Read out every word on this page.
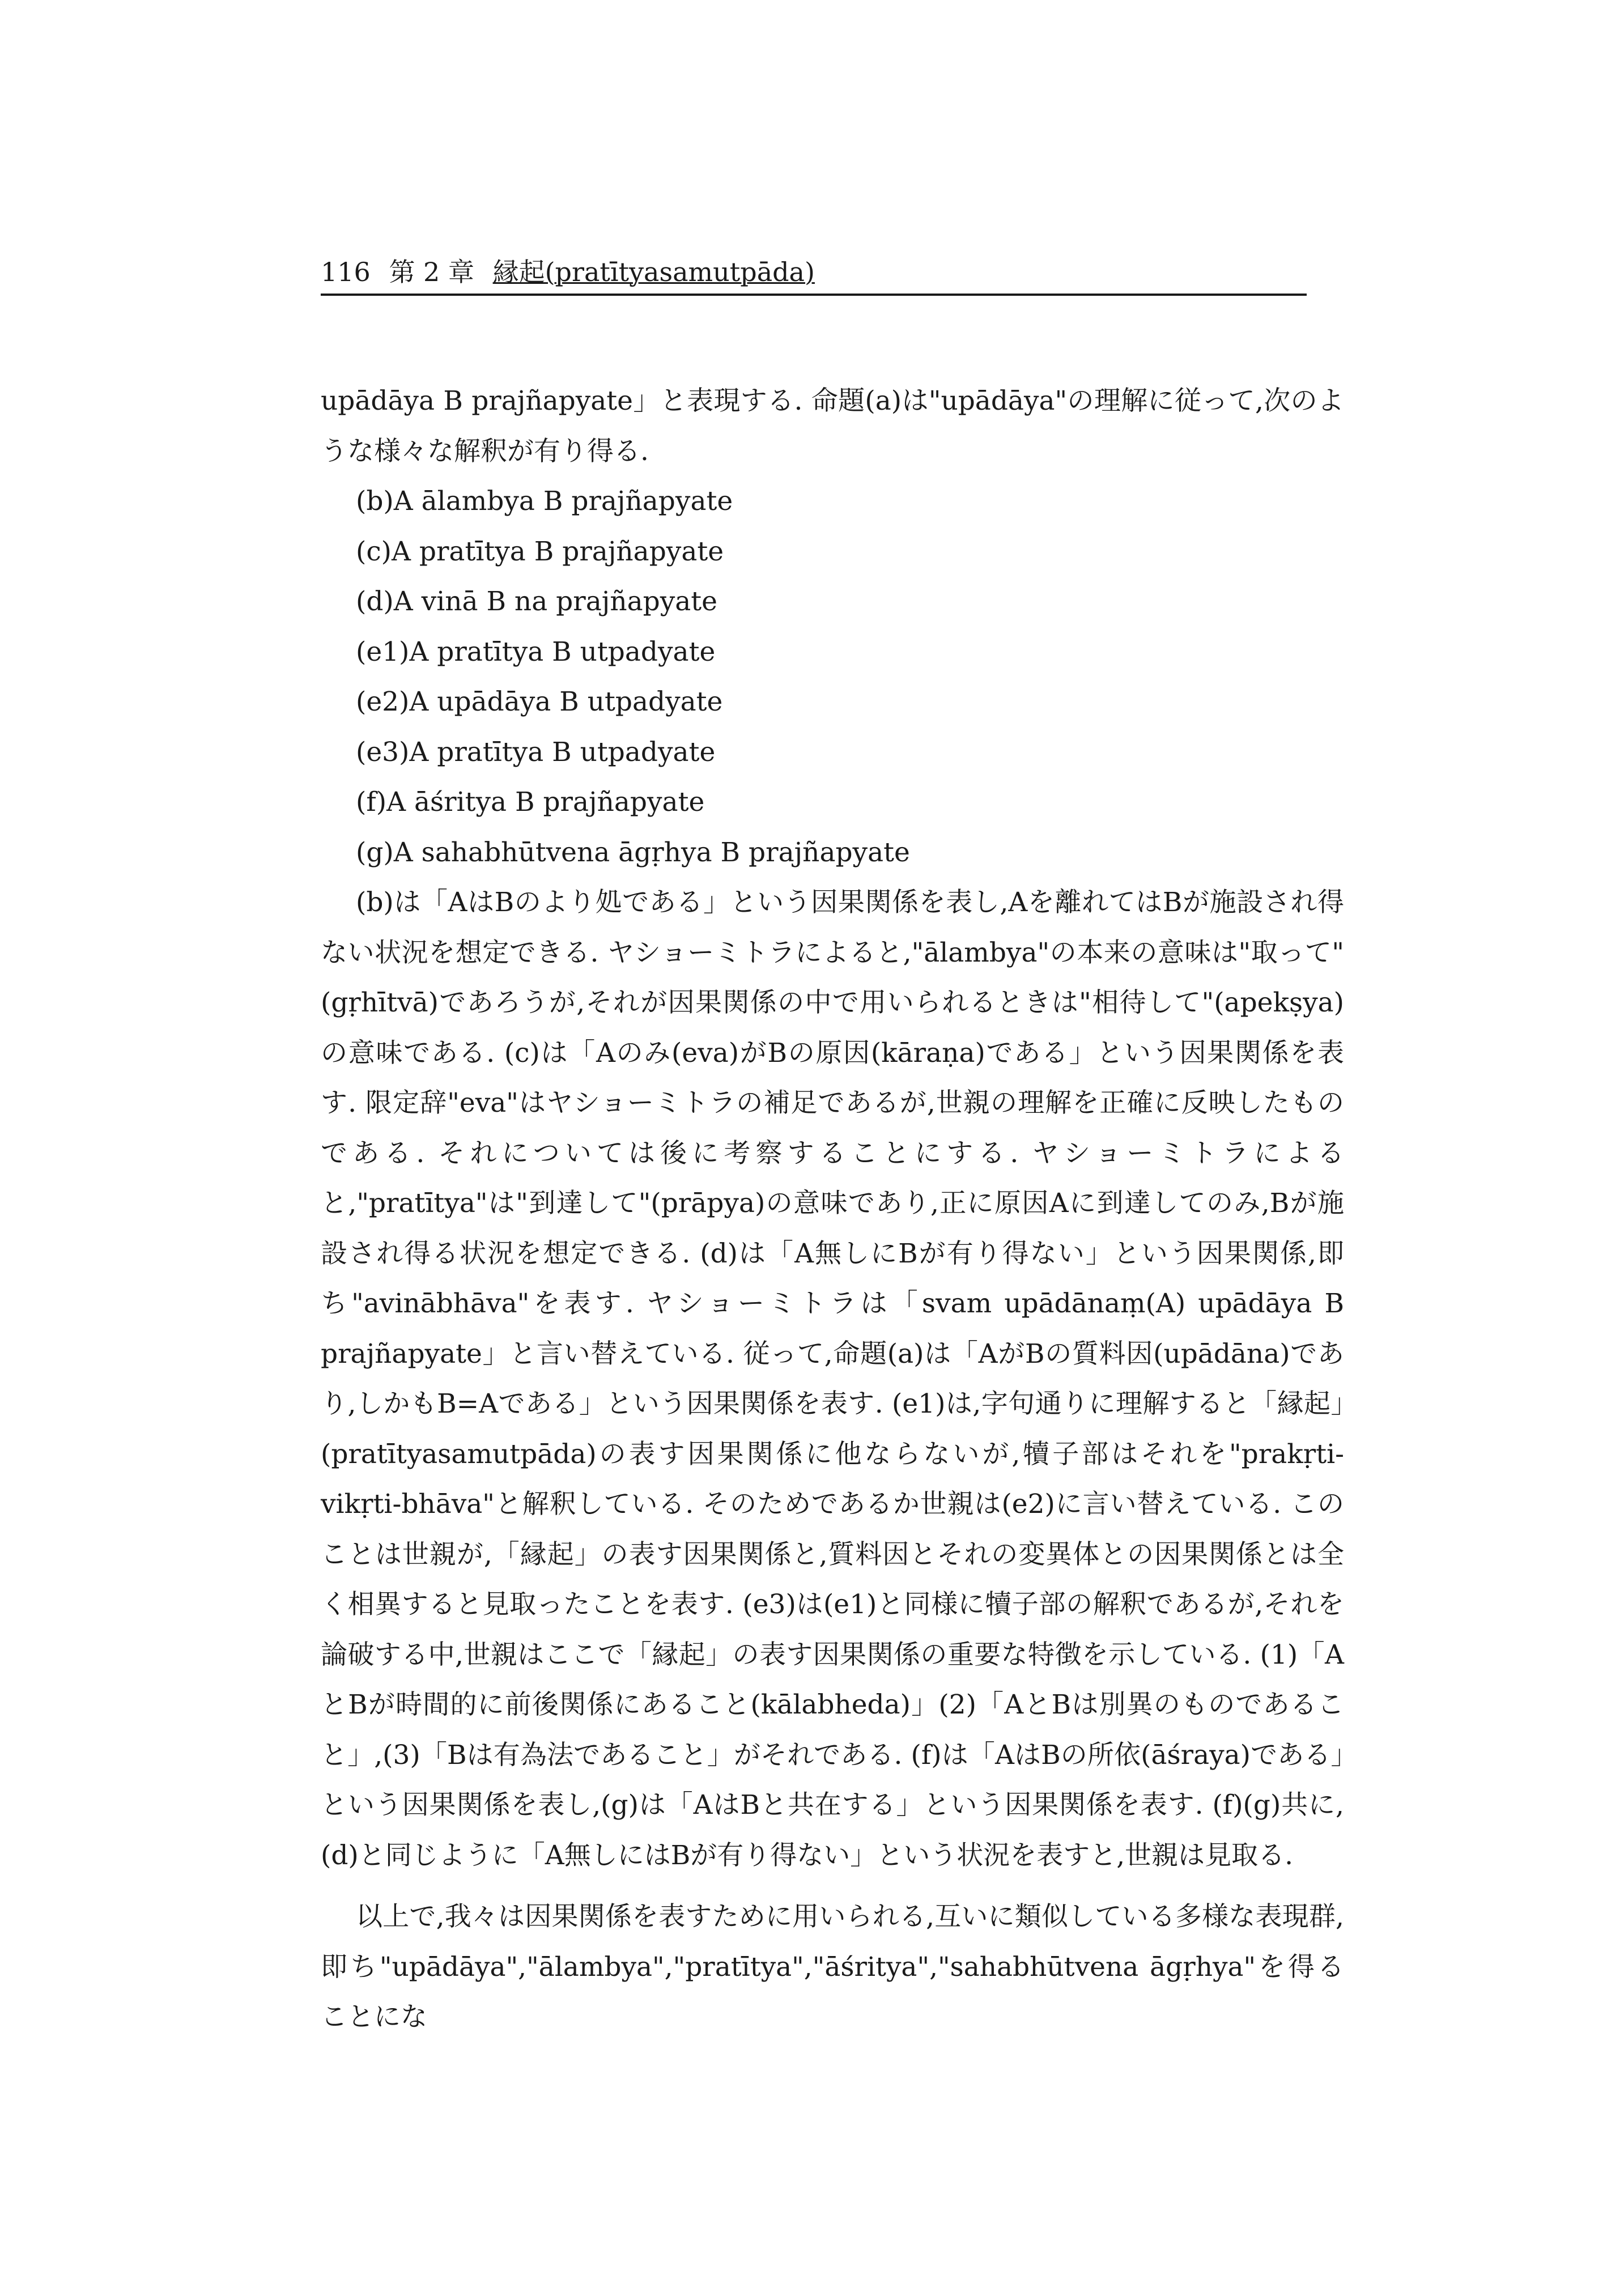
116 第 2 章 縁起(pratītyasamutpāda)

upādāya B prajñapyate」と表現する. 命題(a)は"upādāya"の理解に従って,次のような様々な解釈が有り得る.

(b)A ālambya B prajñapyate

(c)A pratītya B prajñapyate

(d)A vinā B na prajñapyate

(e1)A pratītya B utpadyate

(e2)A upādāya B utpadyate

(e3)A pratītya B utpadyate

(f)A āśritya B prajñapyate

(g)A sahabhūtvena āgṛhya B prajñapyate

(b)は「AはBのより処である」という因果関係を表し,Aを離れてはBが施設され得ない状況を想定できる. ヤショーミトラによると,"ālambya"の本来の意味は"取って"(gṛhītvā)であろうが,それが因果関係の中で用いられるときは"相待して"(apekṣya)の意味である. (c)は「Aのみ(eva)がBの原因(kāraṇa)である」という因果関係を表す. 限定辞"eva"はヤショーミトラの補足であるが,世親の理解を正確に反映したものである. それについては後に考察することにする. ヤショーミトラによると,"pratītya"は"到達して"(prāpya)の意味であり,正に原因Aに到達してのみ,Bが施設され得る状況を想定できる. (d)は「A無しにBが有り得ない」という因果関係,即ち"avinābhāva"を表す. ヤショーミトラは「svam upādānaṃ(A) upādāya B prajñapyate」と言い替えている. 従って,命題(a)は「AがBの質料因(upādāna)であり,しかもB=Aである」という因果関係を表す. (e1)は,字句通りに理解すると「縁起」(pratītyasamutpāda)の表す因果関係に他ならないが,犢子部はそれを"prakṛti-vikṛti-bhāva"と解釈している. そのためであるか世親は(e2)に言い替えている. このことは世親が,「縁起」の表す因果関係と,質料因とそれの変異体との因果関係とは全く相異すると見取ったことを表す. (e3)は(e1)と同様に犢子部の解釈であるが,それを論破する中,世親はここで「縁起」の表す因果関係の重要な特徴を示している. (1)「AとBが時間的に前後関係にあること(kālabheda)」(2)「AとBは別異のものであること」,(3)「Bは有為法であること」がそれである. (f)は「AはBの所依(āśraya)である」という因果関係を表し,(g)は「AはBと共在する」という因果関係を表す. (f)(g)共に,(d)と同じように「A無しにはBが有り得ない」という状況を表すと,世親は見取る.

以上で,我々は因果関係を表すために用いられる,互いに類似している多様な表現群,即ち"upādāya","ālambya","pratītya","āśritya","sahabhūtvena āgṛhya"を得ることにな
